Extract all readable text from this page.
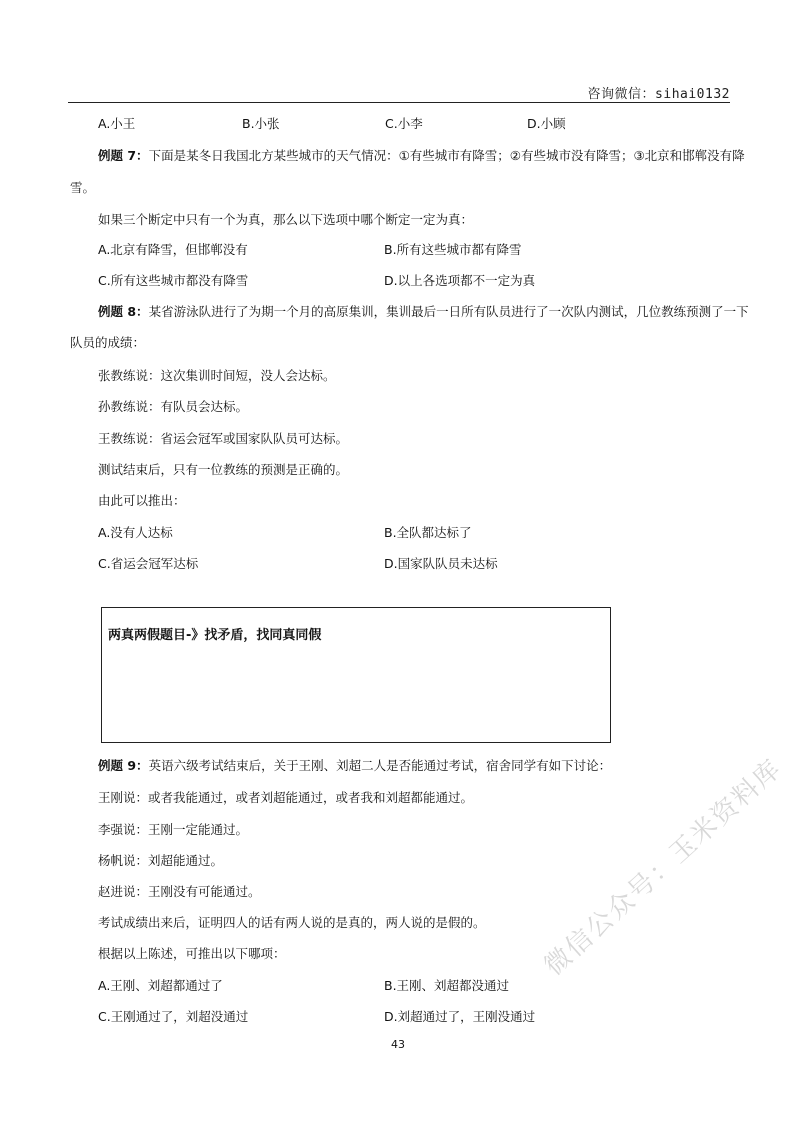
咨询微信：sihai0132
A.小王	B.小张	C.小李	D.小顾
例题 7：下面是某冬日我国北方某些城市的天气情况：①有些城市有降雪；②有些城市没有降雪；③北京和邯郸没有降
雪。
如果三个断定中只有一个为真，那么以下选项中哪个断定一定为真：
A.北京有降雪，但邯郸没有	B.所有这些城市都有降雪
C.所有这些城市都没有降雪	D.以上各选项都不一定为真
例题 8：某省游泳队进行了为期一个月的高原集训，集训最后一日所有队员进行了一次队内测试，几位教练预测了一下
队员的成绩：
张教练说：这次集训时间短，没人会达标。
孙教练说：有队员会达标。
王教练说：省运会冠军或国家队队员可达标。
测试结束后，只有一位教练的预测是正确的。
由此可以推出：
A.没有人达标	B.全队都达标了
C.省运会冠军达标	D.国家队队员未达标
两真两假题目-》找矛盾，找同真同假
例题 9：英语六级考试结束后，关于王刚、刘超二人是否能通过考试，宿舍同学有如下讨论：
王刚说：或者我能通过，或者刘超能通过，或者我和刘超都能通过。
李强说：王刚一定能通过。
杨帆说：刘超能通过。
赵进说：王刚没有可能通过。
考试成绩出来后，证明四人的话有两人说的是真的，两人说的是假的。
根据以上陈述，可推出以下哪项：
A.王刚、刘超都通过了	B.王刚、刘超都没通过
C.王刚通过了，刘超没通过	D.刘超通过了，王刚没通过
43
微信公众号：玉米资料库
